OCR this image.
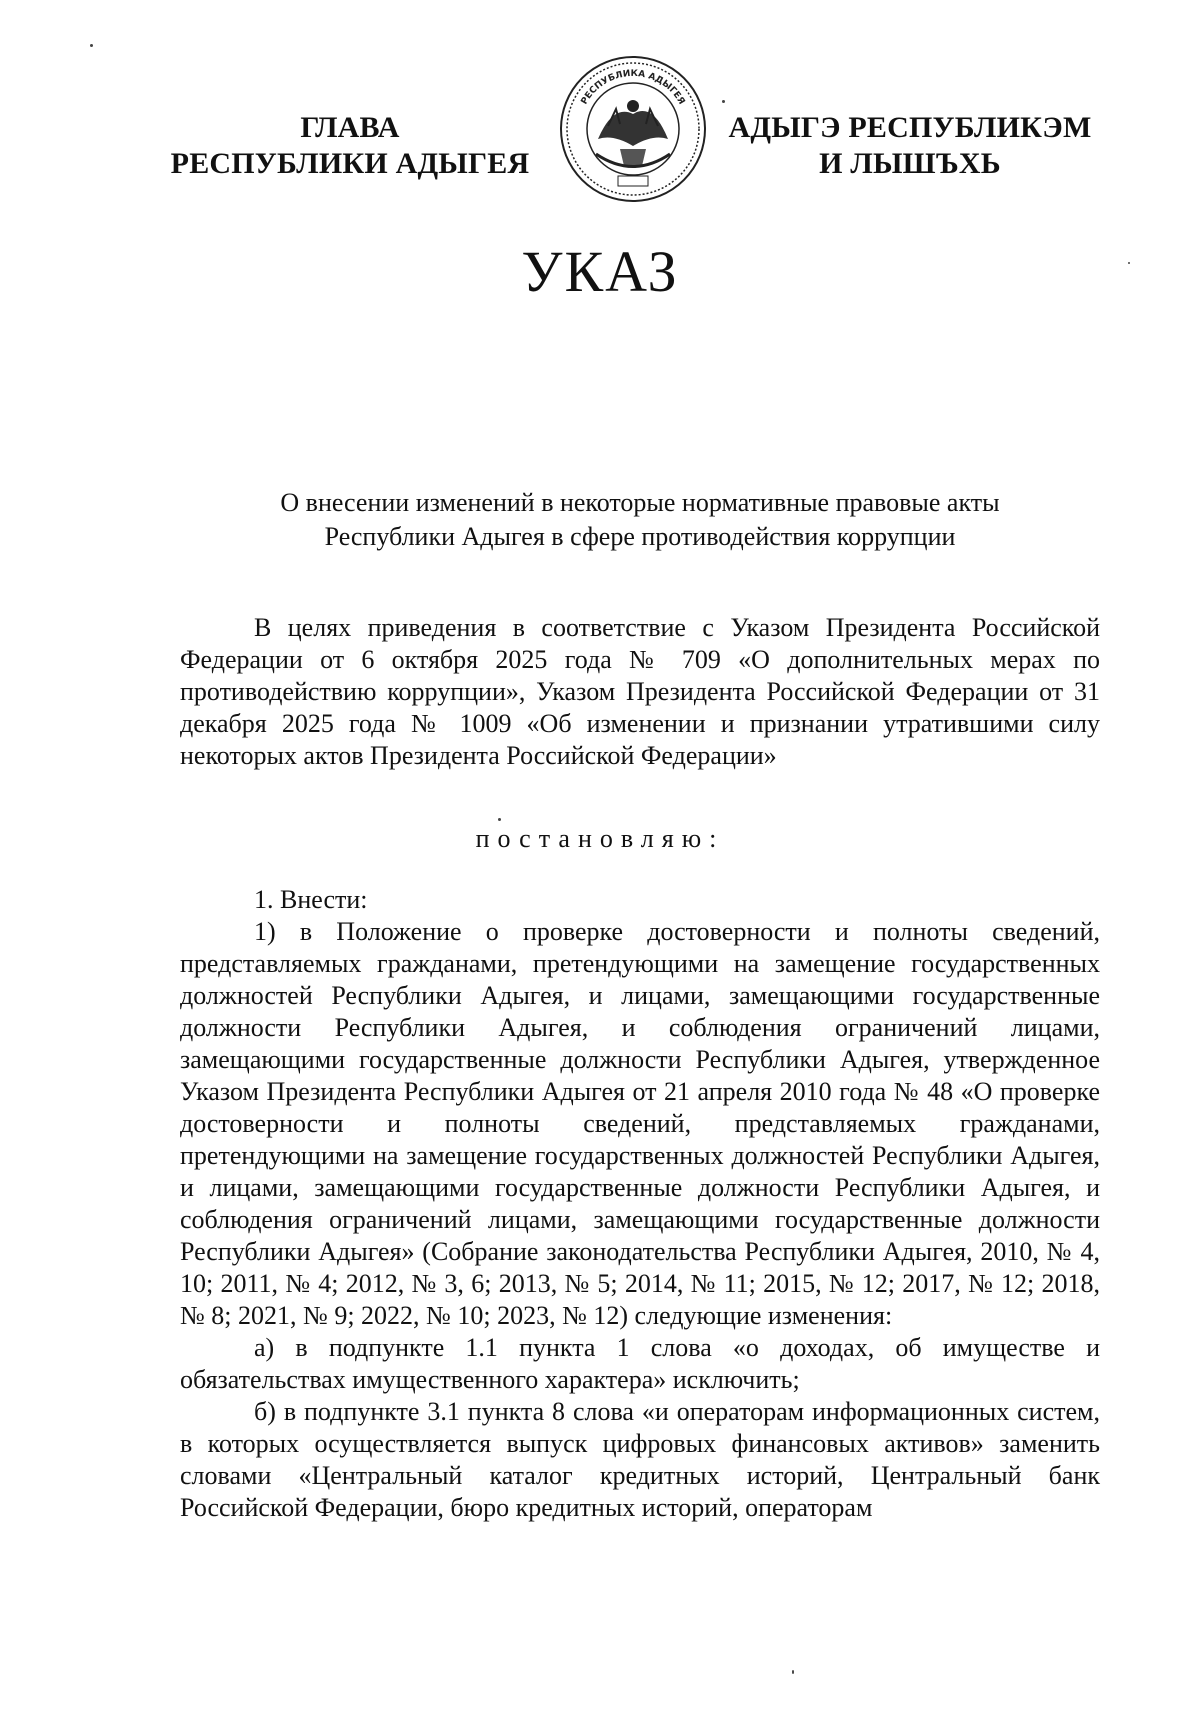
ГЛАВА
РЕСПУБЛИКИ АДЫГЕЯ
РЕСПУБЛИКА АДЫГЕЯ
АДЫГЭ РЕСПУБЛИКЭМ
И ЛЫШЪХЬ
УКАЗ
О внесении изменений в некоторые нормативные правовые акты
Республики Адыгея в сфере противодействия коррупции

В целях приведения в соответствие с Указом Президента Российской Федерации от 6 октября 2025 года № 709 «О дополнительных мерах по противодействию коррупции», Указом Президента Российской Федерации от 31 декабря 2025 года № 1009 «Об изменении и признании утратившими силу некоторых актов Президента Российской Федерации»

постановляю:

1. Внести:

1) в Положение о проверке достоверности и полноты сведений, представляемых гражданами, претендующими на замещение государственных должностей Республики Адыгея, и лицами, замещающими государственные должности Республики Адыгея, и соблюдения ограничений лицами, замещающими государственные должности Республики Адыгея, утвержденное Указом Президента Республики Адыгея от 21 апреля 2010 года № 48 «О проверке достоверности и полноты сведений, представляемых гражданами, претендующими на замещение государственных должностей Республики Адыгея, и лицами, замещающими государственные должности Республики Адыгея, и соблюдения ограничений лицами, замещающими государственные должности Республики Адыгея» (Собрание законодательства Республики Адыгея, 2010, № 4, 10; 2011, № 4; 2012, № 3, 6; 2013, № 5; 2014, № 11; 2015, № 12; 2017, № 12; 2018, № 8; 2021, № 9; 2022, № 10; 2023, № 12) следующие изменения:

а) в подпункте 1.1 пункта 1 слова «о доходах, об имуществе и обязательствах имущественного характера» исключить;

б) в подпункте 3.1 пункта 8 слова «и операторам информационных систем, в которых осуществляется выпуск цифровых финансовых активов» заменить словами «Центральный каталог кредитных историй, Центральный банк Российской Федерации, бюро кредитных историй, операторам
